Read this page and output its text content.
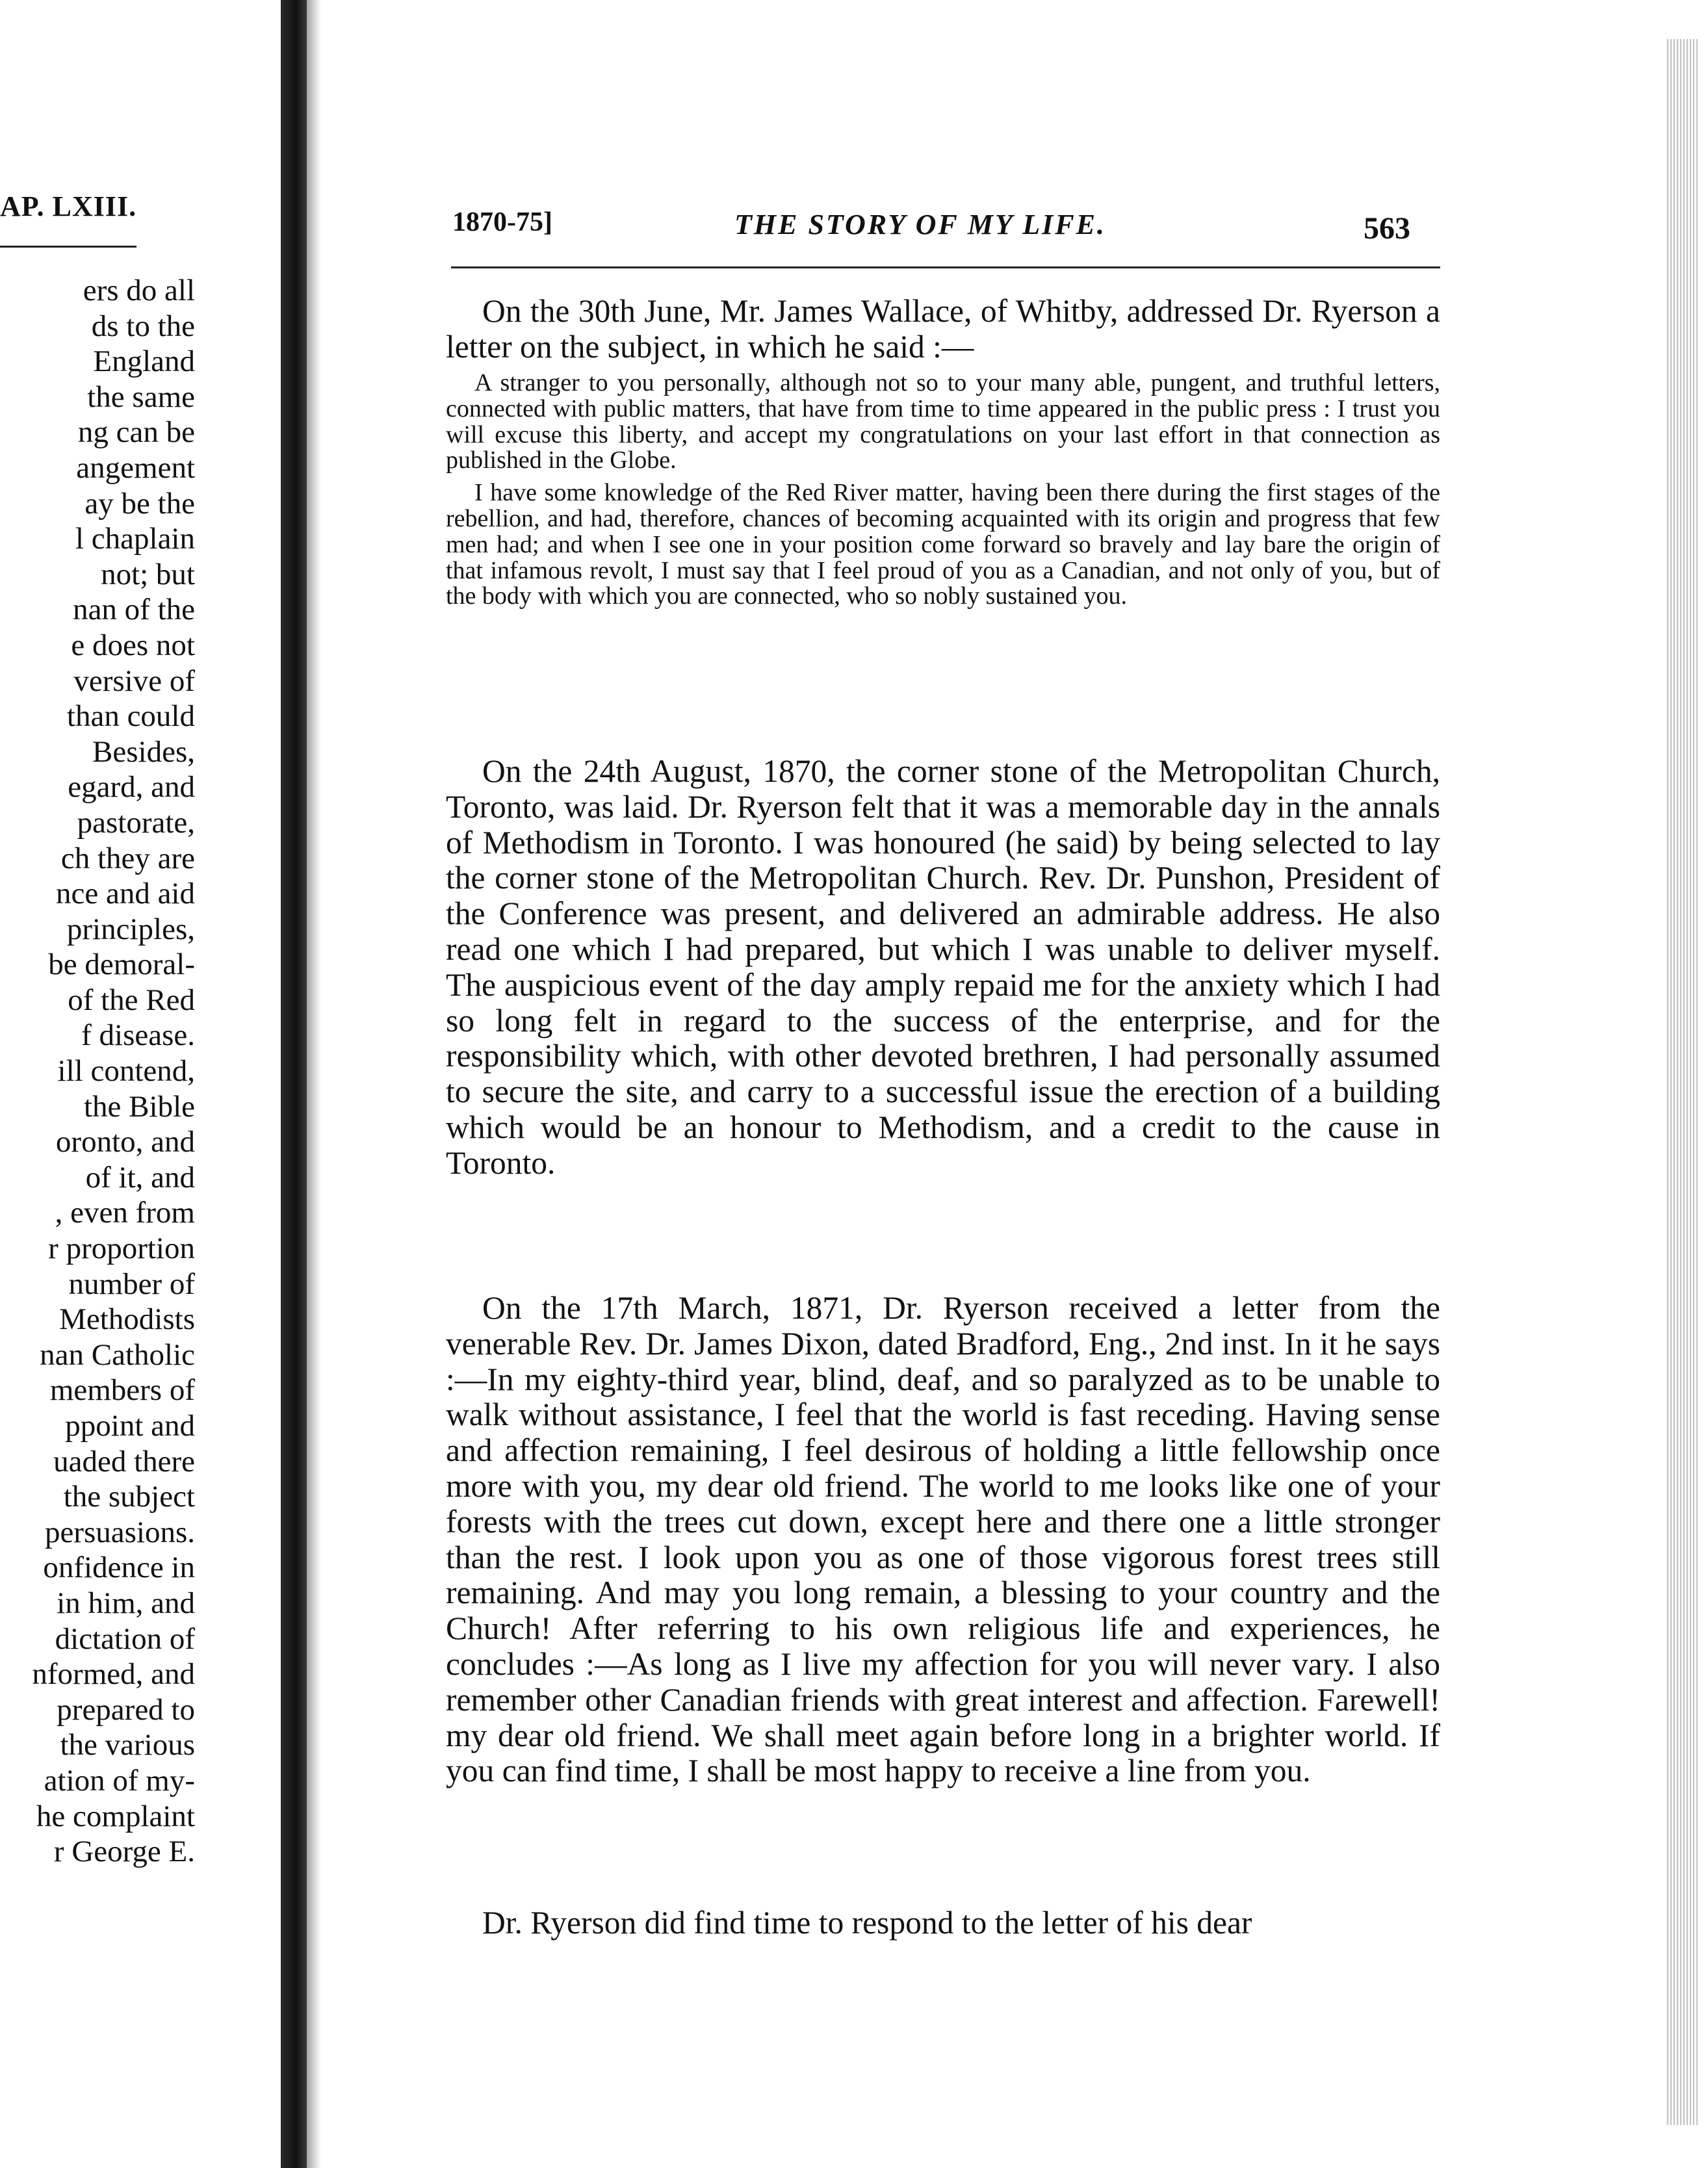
AP. LXIII.
ers do all
ds to the
England
the same
ng can be
angement
ay be the
l chaplain
not; but
nan of the
e does not
versive of
than could
Besides,
egard, and
pastorate,
ch they are
nce and aid
principles,
be demoral-
of the Red
f disease.
ill contend,
the Bible
oronto, and
of it, and
, even from
r proportion
number of
Methodists
nan Catholic
members of
ppoint and
uaded there
the subject
persuasions.
onfidence in
in him, and
dictation of
nformed, and
prepared to
the various
ation of my-
he complaint
r George E.
1870-75]	THE STORY OF MY LIFE.	563

On the 30th June, Mr. James Wallace, of Whitby, addressed Dr. Ryerson a letter on the subject, in which he said :—

A stranger to you personally, although not so to your many able, pungent, and truthful letters, connected with public matters, that have from time to time appeared in the public press : I trust you will excuse this liberty, and accept my congratulations on your last effort in that connection as published in the Globe.

I have some knowledge of the Red River matter, having been there during the first stages of the rebellion, and had, therefore, chances of becoming acquainted with its origin and progress that few men had; and when I see one in your position come forward so bravely and lay bare the origin of that infamous revolt, I must say that I feel proud of you as a Canadian, and not only of you, but of the body with which you are connected, who so nobly sustained you.

On the 24th August, 1870, the corner stone of the Metropolitan Church, Toronto, was laid. Dr. Ryerson felt that it was a memorable day in the annals of Methodism in Toronto. I was honoured (he said) by being selected to lay the corner stone of the Metropolitan Church. Rev. Dr. Punshon, President of the Conference was present, and delivered an admirable address. He also read one which I had prepared, but which I was unable to deliver myself. The auspicious event of the day amply repaid me for the anxiety which I had so long felt in regard to the success of the enterprise, and for the responsibility which, with other devoted brethren, I had personally assumed to secure the site, and carry to a successful issue the erection of a building which would be an honour to Methodism, and a credit to the cause in Toronto.

On the 17th March, 1871, Dr. Ryerson received a letter from the venerable Rev. Dr. James Dixon, dated Bradford, Eng., 2nd inst. In it he says :—In my eighty-third year, blind, deaf, and so paralyzed as to be unable to walk without assistance, I feel that the world is fast receding. Having sense and affection remaining, I feel desirous of holding a little fellowship once more with you, my dear old friend. The world to me looks like one of your forests with the trees cut down, except here and there one a little stronger than the rest. I look upon you as one of those vigorous forest trees still remaining. And may you long remain, a blessing to your country and the Church! After referring to his own religious life and experiences, he concludes :—As long as I live my affection for you will never vary. I also remember other Canadian friends with great interest and affection. Farewell! my dear old friend. We shall meet again before long in a brighter world. If you can find time, I shall be most happy to receive a line from you.

Dr. Ryerson did find time to respond to the letter of his dear
